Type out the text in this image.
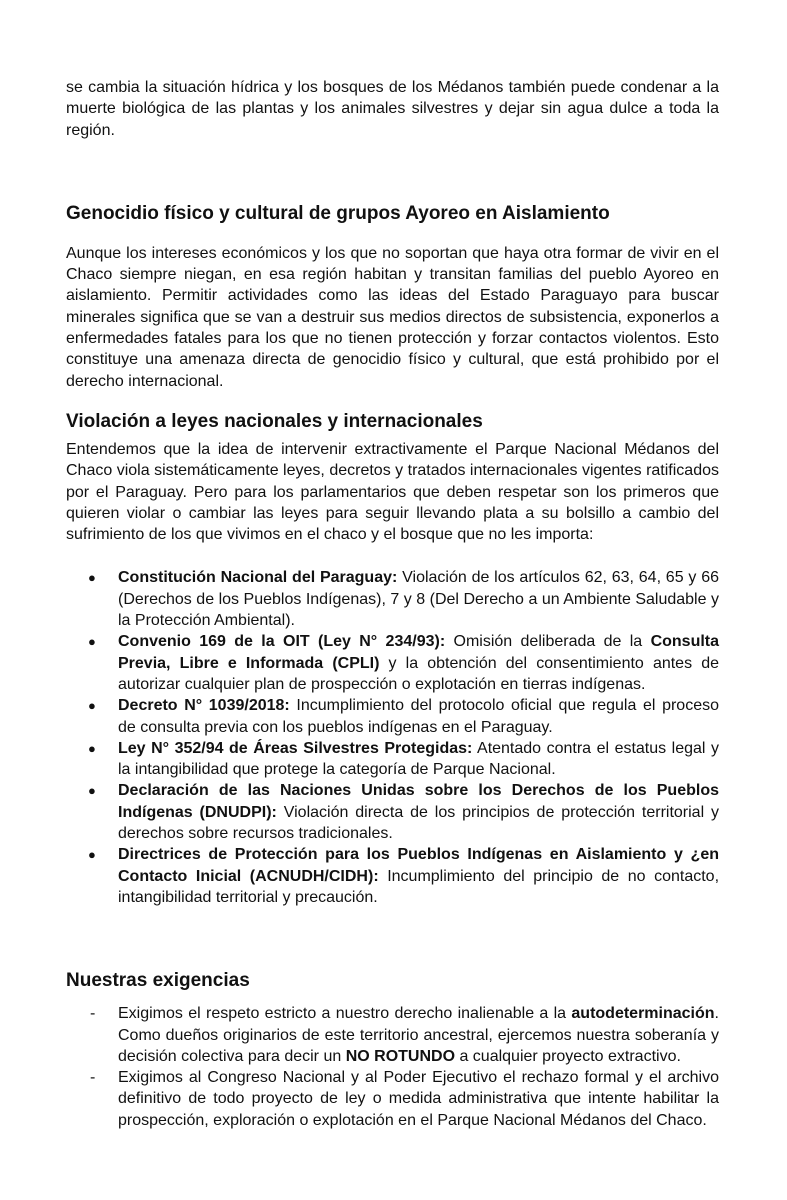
se cambia la situación hídrica y los bosques de los Médanos también puede condenar a la muerte biológica de las plantas y los animales silvestres y dejar sin agua dulce a toda la región.

Genocidio físico y cultural de grupos Ayoreo en Aislamiento

Aunque los intereses económicos y los que no soportan que haya otra formar de vivir en el Chaco siempre niegan, en esa región habitan y transitan familias del pueblo Ayoreo en aislamiento. Permitir actividades como las ideas del Estado Paraguayo para buscar minerales significa que se van a destruir sus medios directos de subsistencia, exponerlos a enfermedades fatales para los que no tienen protección y forzar contactos violentos. Esto constituye una amenaza directa de genocidio físico y cultural, que está prohibido por el derecho internacional.

Violación a leyes nacionales y internacionales

Entendemos que la idea de intervenir extractivamente el Parque Nacional Médanos del Chaco viola sistemáticamente leyes, decretos y tratados internacionales vigentes ratificados por el Paraguay. Pero para los parlamentarios que deben respetar son los primeros que quieren violar o cambiar las leyes para seguir llevando plata a su bolsillo a cambio del sufrimiento de los que vivimos en el chaco y el bosque que no les importa:

● Constitución Nacional del Paraguay: Violación de los artículos 62, 63, 64, 65 y 66 (Derechos de los Pueblos Indígenas), 7 y 8 (Del Derecho a un Ambiente Saludable y la Protección Ambiental).
● Convenio 169 de la OIT (Ley N° 234/93): Omisión deliberada de la Consulta Previa, Libre e Informada (CPLI) y la obtención del consentimiento antes de autorizar cualquier plan de prospección o explotación en tierras indígenas.
● Decreto N° 1039/2018: Incumplimiento del protocolo oficial que regula el proceso de consulta previa con los pueblos indígenas en el Paraguay.
● Ley N° 352/94 de Áreas Silvestres Protegidas: Atentado contra el estatus legal y la intangibilidad que protege la categoría de Parque Nacional.
● Declaración de las Naciones Unidas sobre los Derechos de los Pueblos Indígenas (DNUDPI): Violación directa de los principios de protección territorial y derechos sobre recursos tradicionales.
● Directrices de Protección para los Pueblos Indígenas en Aislamiento y ¿en Contacto Inicial (ACNUDH/CIDH): Incumplimiento del principio de no contacto, intangibilidad territorial y precaución.
Nuestras exigencias
- Exigimos el respeto estricto a nuestro derecho inalienable a la autodeterminación. Como dueños originarios de este territorio ancestral, ejercemos nuestra soberanía y decisión colectiva para decir un NO ROTUNDO a cualquier proyecto extractivo.
- Exigimos al Congreso Nacional y al Poder Ejecutivo el rechazo formal y el archivo definitivo de todo proyecto de ley o medida administrativa que intente habilitar la prospección, exploración o explotación en el Parque Nacional Médanos del Chaco.
